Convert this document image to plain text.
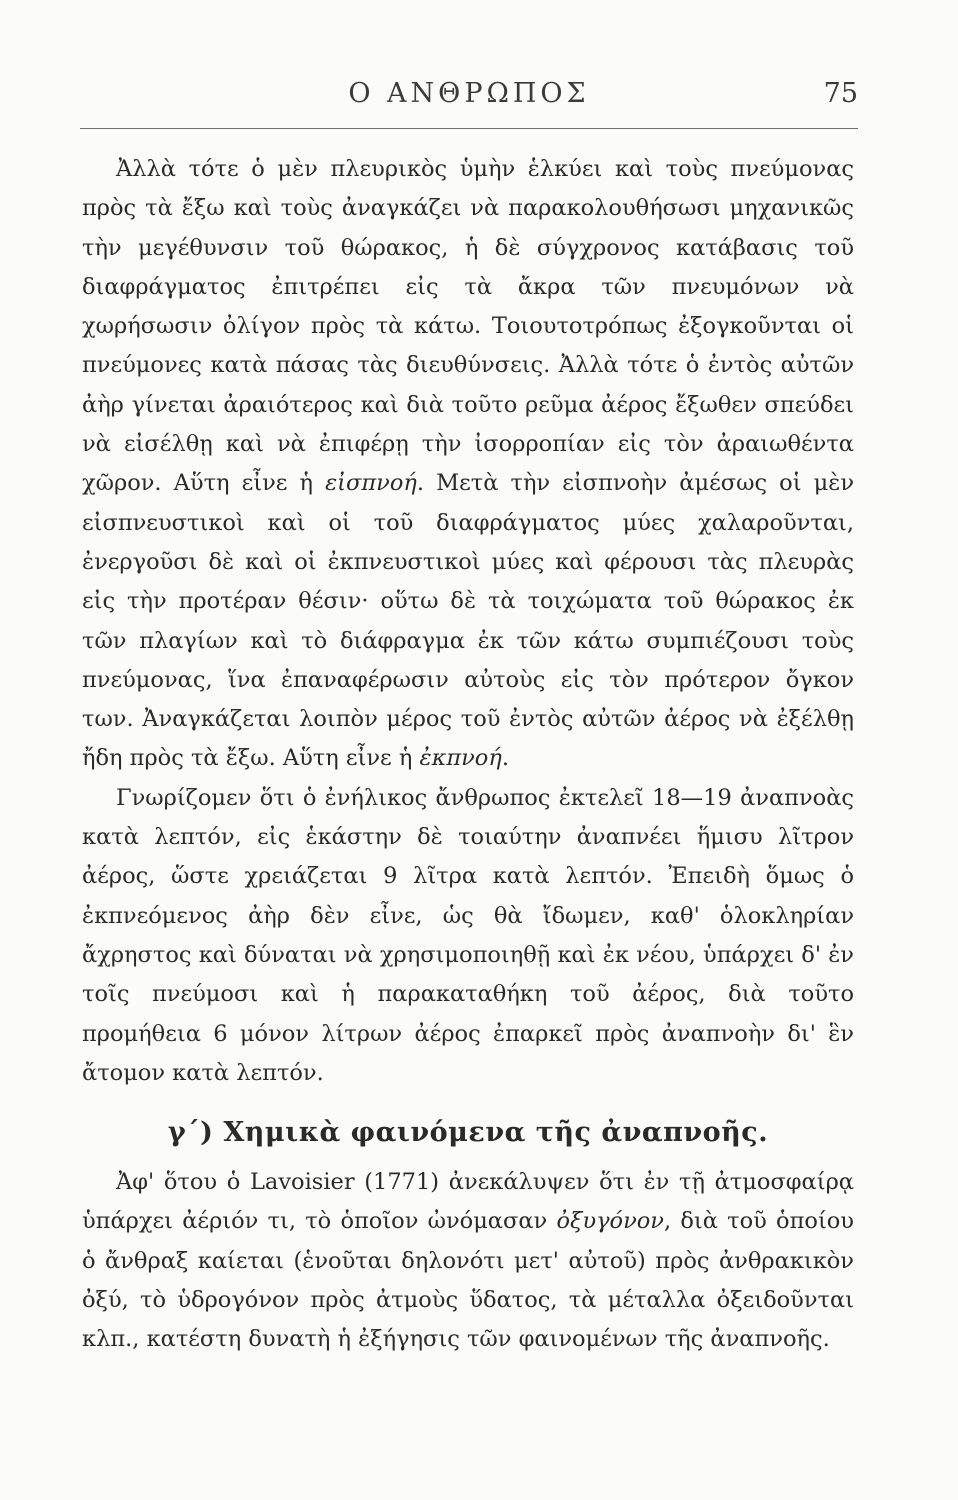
Ο ΑΝΘΡΩΠΟΣ	75

Ἀλλὰ τότε ὁ μὲν πλευρικὸς ὑμὴν ἑλκύει καὶ τοὺς πνεύμονας πρὸς τὰ ἔξω καὶ τοὺς ἀναγκάζει νὰ παρακολουθήσωσι μηχανικῶς τὴν μεγέθυνσιν τοῦ θώρακος, ἡ δὲ σύγχρονος κατάβασις τοῦ διαφράγματος ἐπιτρέπει εἰς τὰ ἄκρα τῶν πνευμόνων νὰ χωρήσωσιν ὀλίγον πρὸς τὰ κάτω. Τοιουτοτρόπως ἐξογκοῦνται οἱ πνεύμονες κατὰ πάσας τὰς διευθύνσεις. Ἀλλὰ τότε ὁ ἐντὸς αὐτῶν ἀὴρ γίνεται ἀραιότερος καὶ διὰ τοῦτο ρεῦμα ἀέρος ἔξωθεν σπεύδει νὰ εἰσέλθῃ καὶ νὰ ἐπιφέρῃ τὴν ἰσορροπίαν εἰς τὸν ἀραιωθέντα χῶρον. Αὕτη εἶνε ἡ εἰσπνοή. Μετὰ τὴν εἰσπνοὴν ἀμέσως οἱ μὲν εἰσπνευστικοὶ καὶ οἱ τοῦ διαφράγματος μύες χαλαροῦνται, ἐνεργοῦσι δὲ καὶ οἱ ἐκπνευστικοὶ μύες καὶ φέρουσι τὰς πλευρὰς εἰς τὴν προτέραν θέσιν· οὕτω δὲ τὰ τοιχώματα τοῦ θώρακος ἐκ τῶν πλαγίων καὶ τὸ διάφραγμα ἐκ τῶν κάτω συμπιέζουσι τοὺς πνεύμονας, ἵνα ἐπαναφέρωσιν αὐτοὺς εἰς τὸν πρότερον ὄγκον των. Ἀναγκάζεται λοιπὸν μέρος τοῦ ἐντὸς αὐτῶν ἀέρος νὰ ἐξέλθῃ ἤδη πρὸς τὰ ἔξω. Αὕτη εἶνε ἡ ἐκπνοή.

Γνωρίζομεν ὅτι ὁ ἐνήλικος ἄνθρωπος ἐκτελεῖ 18—19 ἀναπνοὰς κατὰ λεπτόν, εἰς ἑκάστην δὲ τοιαύτην ἀναπνέει ἥμισυ λῖτρον ἀέρος, ὥστε χρειάζεται 9 λῖτρα κατὰ λεπτόν. Ἐπειδὴ ὅμως ὁ ἐκπνεόμενος ἀὴρ δὲν εἶνε, ὡς θὰ ἴδωμεν, καθ' ὁλοκληρίαν ἄχρηστος καὶ δύναται νὰ χρησιμοποιηθῇ καὶ ἐκ νέου, ὑπάρχει δ' ἐν τοῖς πνεύμοσι καὶ ἡ παρακαταθήκη τοῦ ἀέρος, διὰ τοῦτο προμήθεια 6 μόνον λίτρων ἀέρος ἐπαρκεῖ πρὸς ἀναπνοὴν δι' ἓν ἄτομον κατὰ λεπτόν.

γ΄) Χημικὰ φαινόμενα τῆς ἀναπνοῆς.

Ἀφ' ὅτου ὁ Lavoisier (1771) ἀνεκάλυψεν ὅτι ἐν τῇ ἀτμοσφαίρᾳ ὑπάρχει ἀέριόν τι, τὸ ὁποῖον ὠνόμασαν ὀξυγόνον, διὰ τοῦ ὁποίου ὁ ἄνθραξ καίεται (ἑνοῦται δηλονότι μετ' αὐτοῦ) πρὸς ἀνθρακικὸν ὀξύ, τὸ ὑδρογόνον πρὸς ἀτμοὺς ὕδατος, τὰ μέταλλα ὀξειδοῦνται κλπ., κατέστη δυνατὴ ἡ ἐξήγησις τῶν φαινομένων τῆς ἀναπνοῆς.
